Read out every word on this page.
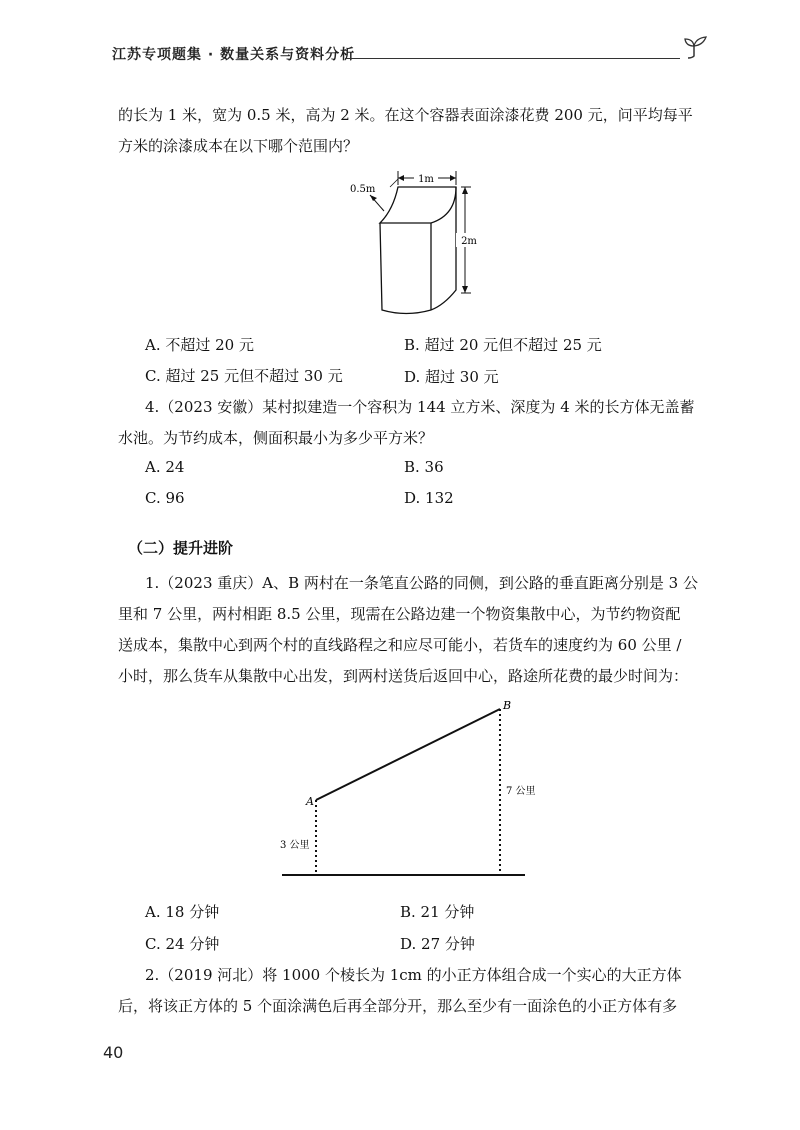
江苏专项题集 · 数量关系与资料分析
的长为 1 米，宽为 0.5 米，高为 2 米。在这个容器表面涂漆花费 200 元，问平均每平
方米的涂漆成本在以下哪个范围内？
1m
0.5m
2m
A. 不超过 20 元	B. 超过 20 元但不超过 25 元
C. 超过 25 元但不超过 30 元	D. 超过 30 元
4.（2023 安徽）某村拟建造一个容积为 144 立方米、深度为 4 米的长方体无盖蓄
水池。为节约成本，侧面积最小为多少平方米？
A. 24	B. 36
C. 96	D. 132
（二）提升进阶
1.（2023 重庆）A、B 两村在一条笔直公路的同侧，到公路的垂直距离分别是 3 公
里和 7 公里，两村相距 8.5 公里，现需在公路边建一个物资集散中心，为节约物资配
送成本，集散中心到两个村的直线路程之和应尽可能小，若货车的速度约为 60 公里 /
小时，那么货车从集散中心出发，到两村送货后返回中心，路途所花费的最少时间为：
A
B
3 公里
7 公里
A. 18 分钟	B. 21 分钟
C. 24 分钟	D. 27 分钟
2.（2019 河北）将 1000 个棱长为 1cm 的小正方体组合成一个实心的大正方体
后，将该正方体的 5 个面涂满色后再全部分开，那么至少有一面涂色的小正方体有多
40
